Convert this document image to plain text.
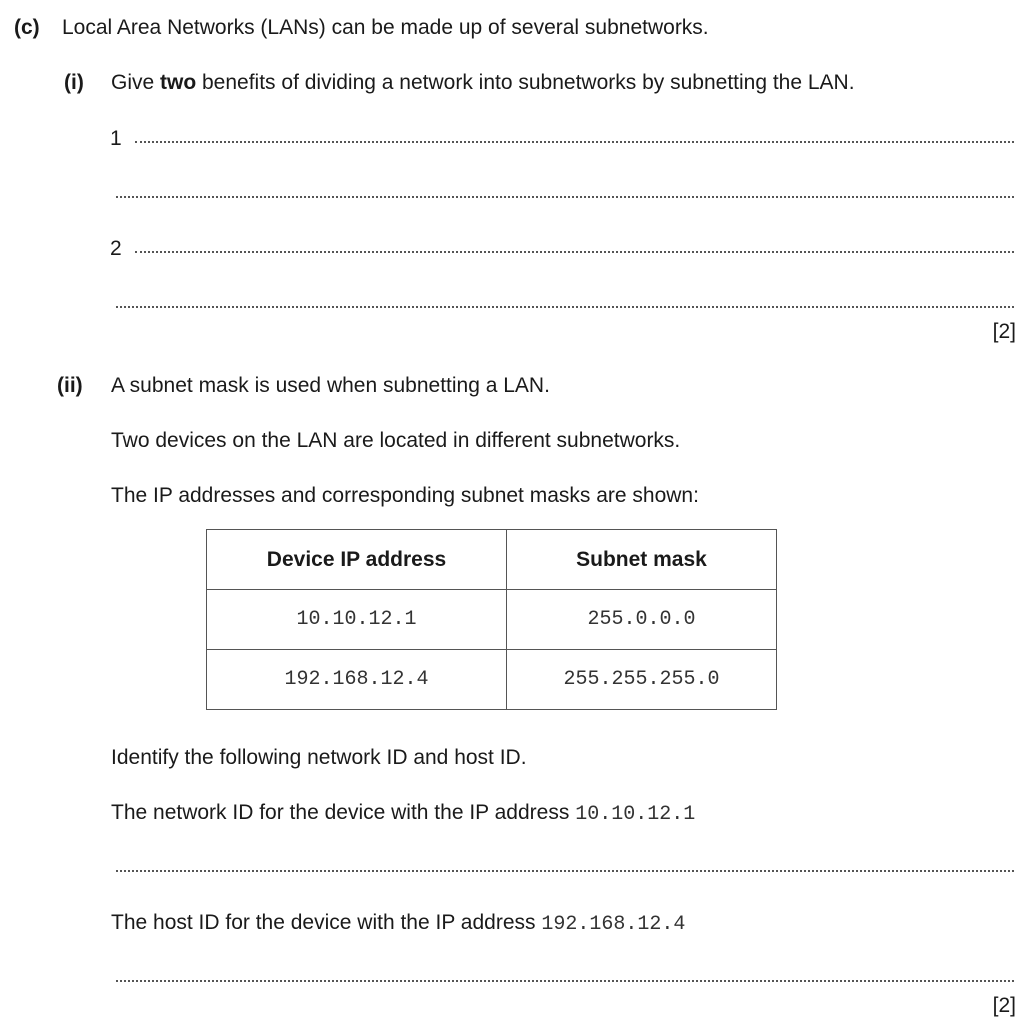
(c) Local Area Networks (LANs) can be made up of several subnetworks.
(i) Give two benefits of dividing a network into subnetworks by subnetting the LAN.
1
2
[2]
(ii) A subnet mask is used when subnetting a LAN.
Two devices on the LAN are located in different subnetworks.
The IP addresses and corresponding subnet masks are shown:
Device IP address	Subnet mask
10.10.12.1	255.0.0.0
192.168.12.4	255.255.255.0
Identify the following network ID and host ID.
The network ID for the device with the IP address 10.10.12.1
The host ID for the device with the IP address 192.168.12.4
[2]
